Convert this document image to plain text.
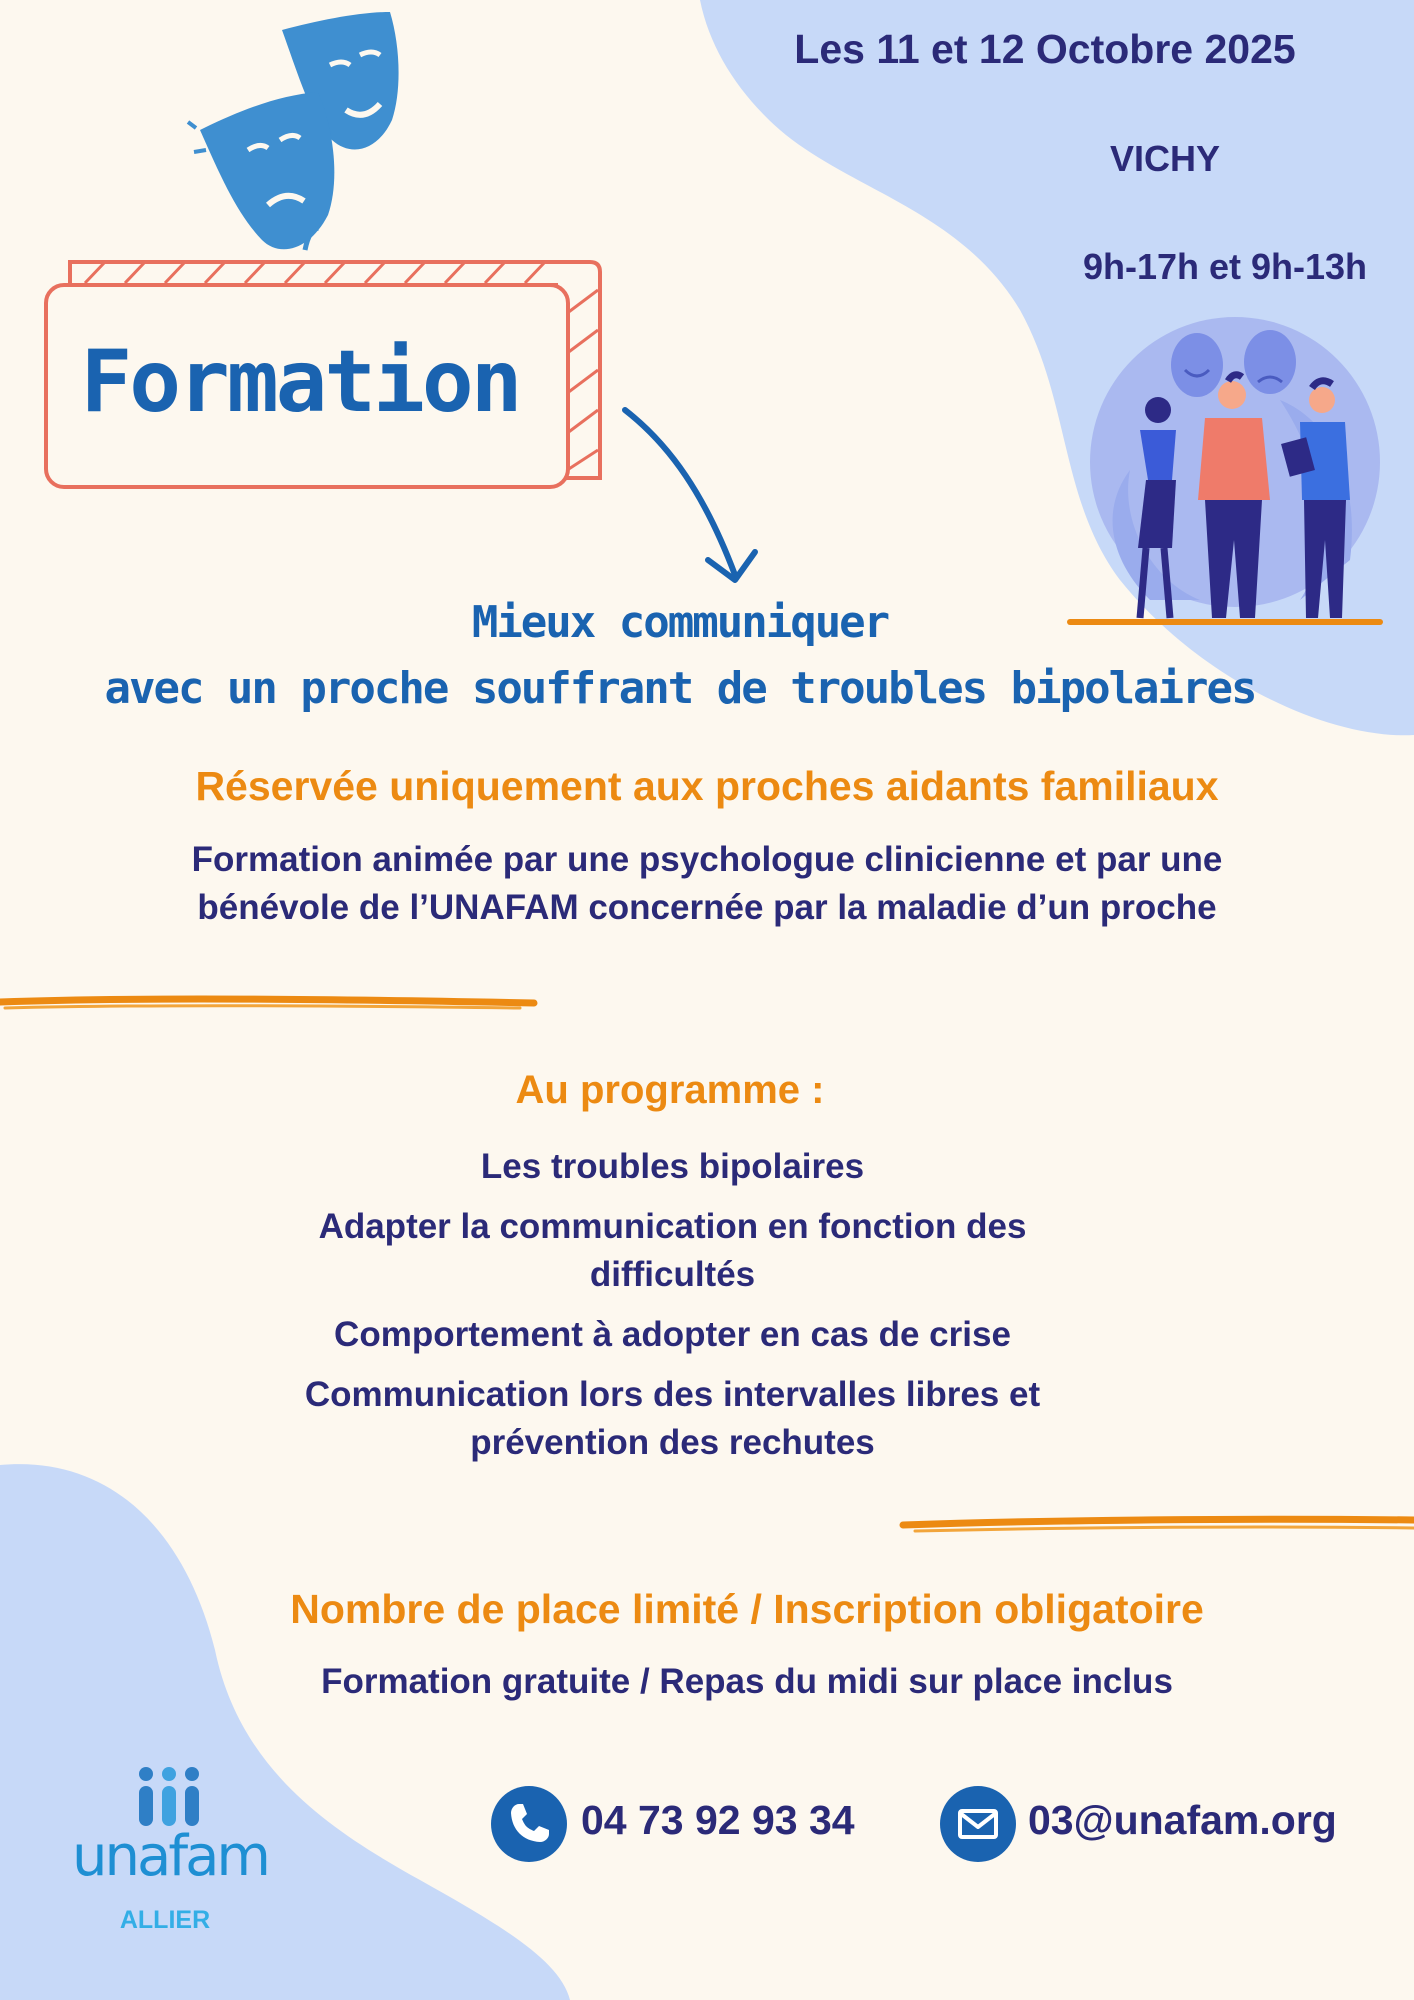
Les 11 et 12 Octobre 2025
VICHY
9h-17h et 9h-13h
Formation
Mieux communiquer
avec un proche souffrant de troubles bipolaires
Réservée uniquement aux proches aidants familiaux
Formation animée par une psychologue clinicienne et par une
bénévole de l’UNAFAM concernée par la maladie d’un proche
Au programme :
Les troubles bipolaires
Adapter la communication en fonction des
difficultés
Comportement à adopter en cas de crise
Communication lors des intervalles libres et
prévention des rechutes
Nombre de place limité / Inscription obligatoire
Formation gratuite / Repas du midi sur place inclus
04 73 92 93 34	03@unafam.org
unafam
ALLIER
